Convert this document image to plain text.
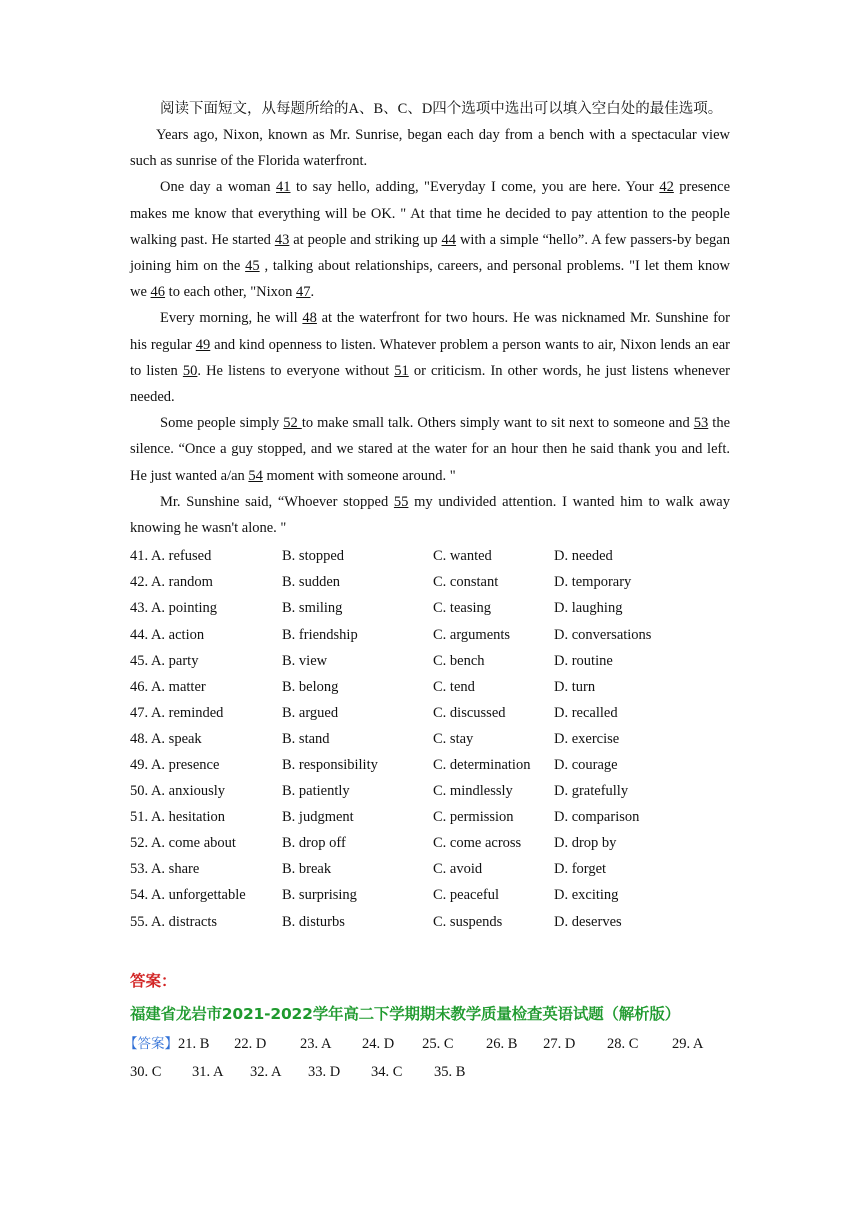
阅读下面短文，从每题所给的A、B、C、D四个选项中选出可以填入空白处的最佳选项。

Years ago, Nixon, known as Mr. Sunrise, began each day from a bench with a spectacular view such as sunrise of the Florida waterfront.

One day a woman 41 to say hello, adding, "Everyday I come, you are here. Your 42 presence makes me know that everything will be OK. " At that time he decided to pay attention to the people walking past. He started 43 at people and striking up 44 with a simple “hello”. A few passers-by began joining him on the 45 , talking about relationships, careers, and personal problems. "I let them know we 46 to each other, "Nixon 47.

Every morning, he will 48 at the waterfront for two hours. He was nicknamed Mr. Sunshine for his regular 49 and kind openness to listen. Whatever problem a person wants to air, Nixon lends an ear to listen 50. He listens to everyone without 51 or criticism. In other words, he just listens whenever needed.

Some people simply 52 to make small talk. Others simply want to sit next to someone and 53 the silence. “Once a guy stopped, and we stared at the water for an hour then he said thank you and left. He just wanted a/an 54 moment with someone around. "

Mr. Sunshine said, “Whoever stopped 55 my undivided attention. I wanted him to walk away knowing he wasn't alone. "

41. A. refused	B. stopped	C. wanted	D. needed
42. A. random	B. sudden	C. constant	D. temporary
43. A. pointing	B. smiling	C. teasing	D. laughing
44. A. action	B. friendship	C. arguments	D. conversations
45. A. party	B. view	C. bench	D. routine
46. A. matter	B. belong	C. tend	D. turn
47. A. reminded	B. argued	C. discussed	D. recalled
48. A. speak	B. stand	C. stay	D. exercise
49. A. presence	B. responsibility	C. determination	D. courage
50. A. anxiously	B. patiently	C. mindlessly	D. gratefully
51. A. hesitation	B. judgment	C. permission	D. comparison
52. A. come about	B. drop off	C. come across	D. drop by
53. A. share	B. break	C. avoid	D. forget
54. A. unforgettable	B. surprising	C. peaceful	D. exciting
55. A. distracts	B. disturbs	C. suspends	D. deserves
答案：
福建省龙岩市2021-2022学年高二下学期期末教学质量检查英语试题（解析版）
【答案】 21. B	22. D	23. A	24. D	25. C	26. B	27. D	28. C	29. A
30. C	31. A	32. A	33. D	34. C	35. B
